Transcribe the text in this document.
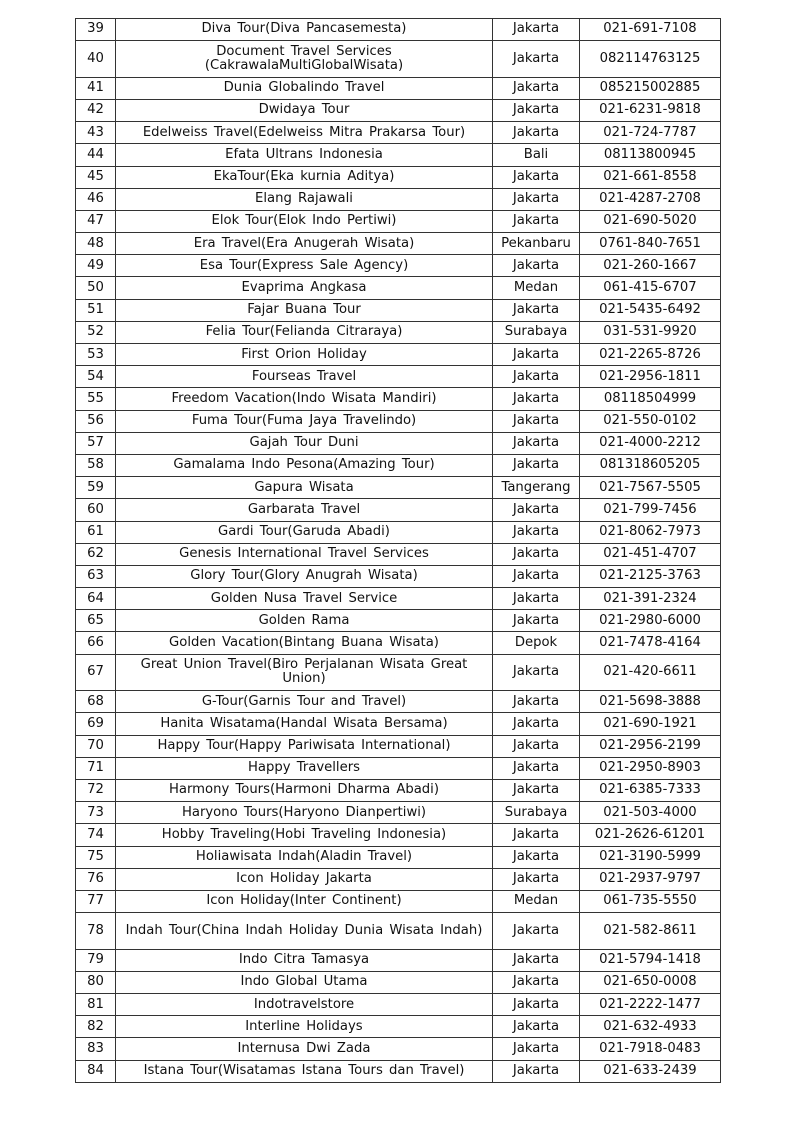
39	Diva Tour(Diva Pancasemesta)	Jakarta	021-691-7108
40	Document Travel Services (CakrawalaMultiGlobalWisata)	Jakarta	082114763125
41	Dunia Globalindo Travel	Jakarta	085215002885
42	Dwidaya Tour	Jakarta	021-6231-9818
43	Edelweiss Travel(Edelweiss Mitra Prakarsa Tour)	Jakarta	021-724-7787
44	Efata Ultrans Indonesia	Bali	08113800945
45	EkaTour(Eka kurnia Aditya)	Jakarta	021-661-8558
46	Elang Rajawali	Jakarta	021-4287-2708
47	Elok Tour(Elok Indo Pertiwi)	Jakarta	021-690-5020
48	Era Travel(Era Anugerah Wisata)	Pekanbaru	0761-840-7651
49	Esa Tour(Express Sale Agency)	Jakarta	021-260-1667
50	Evaprima Angkasa	Medan	061-415-6707
51	Fajar Buana Tour	Jakarta	021-5435-6492
52	Felia Tour(Felianda Citraraya)	Surabaya	031-531-9920
53	First Orion Holiday	Jakarta	021-2265-8726
54	Fourseas Travel	Jakarta	021-2956-1811
55	Freedom Vacation(Indo Wisata Mandiri)	Jakarta	08118504999
56	Fuma Tour(Fuma Jaya Travelindo)	Jakarta	021-550-0102
57	Gajah Tour Duni	Jakarta	021-4000-2212
58	Gamalama Indo Pesona(Amazing Tour)	Jakarta	081318605205
59	Gapura Wisata	Tangerang	021-7567-5505
60	Garbarata Travel	Jakarta	021-799-7456
61	Gardi Tour(Garuda Abadi)	Jakarta	021-8062-7973
62	Genesis International Travel Services	Jakarta	021-451-4707
63	Glory Tour(Glory Anugrah Wisata)	Jakarta	021-2125-3763
64	Golden Nusa Travel Service	Jakarta	021-391-2324
65	Golden Rama	Jakarta	021-2980-6000
66	Golden Vacation(Bintang Buana Wisata)	Depok	021-7478-4164
67	Great Union Travel(Biro Perjalanan Wisata Great Union)	Jakarta	021-420-6611
68	G-Tour(Garnis Tour and Travel)	Jakarta	021-5698-3888
69	Hanita Wisatama(Handal Wisata Bersama)	Jakarta	021-690-1921
70	Happy Tour(Happy Pariwisata International)	Jakarta	021-2956-2199
71	Happy Travellers	Jakarta	021-2950-8903
72	Harmony Tours(Harmoni Dharma Abadi)	Jakarta	021-6385-7333
73	Haryono Tours(Haryono Dianpertiwi)	Surabaya	021-503-4000
74	Hobby Traveling(Hobi Traveling Indonesia)	Jakarta	021-2626-61201
75	Holiawisata Indah(Aladin Travel)	Jakarta	021-3190-5999
76	Icon Holiday Jakarta	Jakarta	021-2937-9797
77	Icon Holiday(Inter Continent)	Medan	061-735-5550
78	Indah Tour(China Indah Holiday Dunia Wisata Indah)	Jakarta	021-582-8611
79	Indo Citra Tamasya	Jakarta	021-5794-1418
80	Indo Global Utama	Jakarta	021-650-0008
81	Indotravelstore	Jakarta	021-2222-1477
82	Interline Holidays	Jakarta	021-632-4933
83	Internusa Dwi Zada	Jakarta	021-7918-0483
84	Istana Tour(Wisatamas Istana Tours dan Travel)	Jakarta	021-633-2439
